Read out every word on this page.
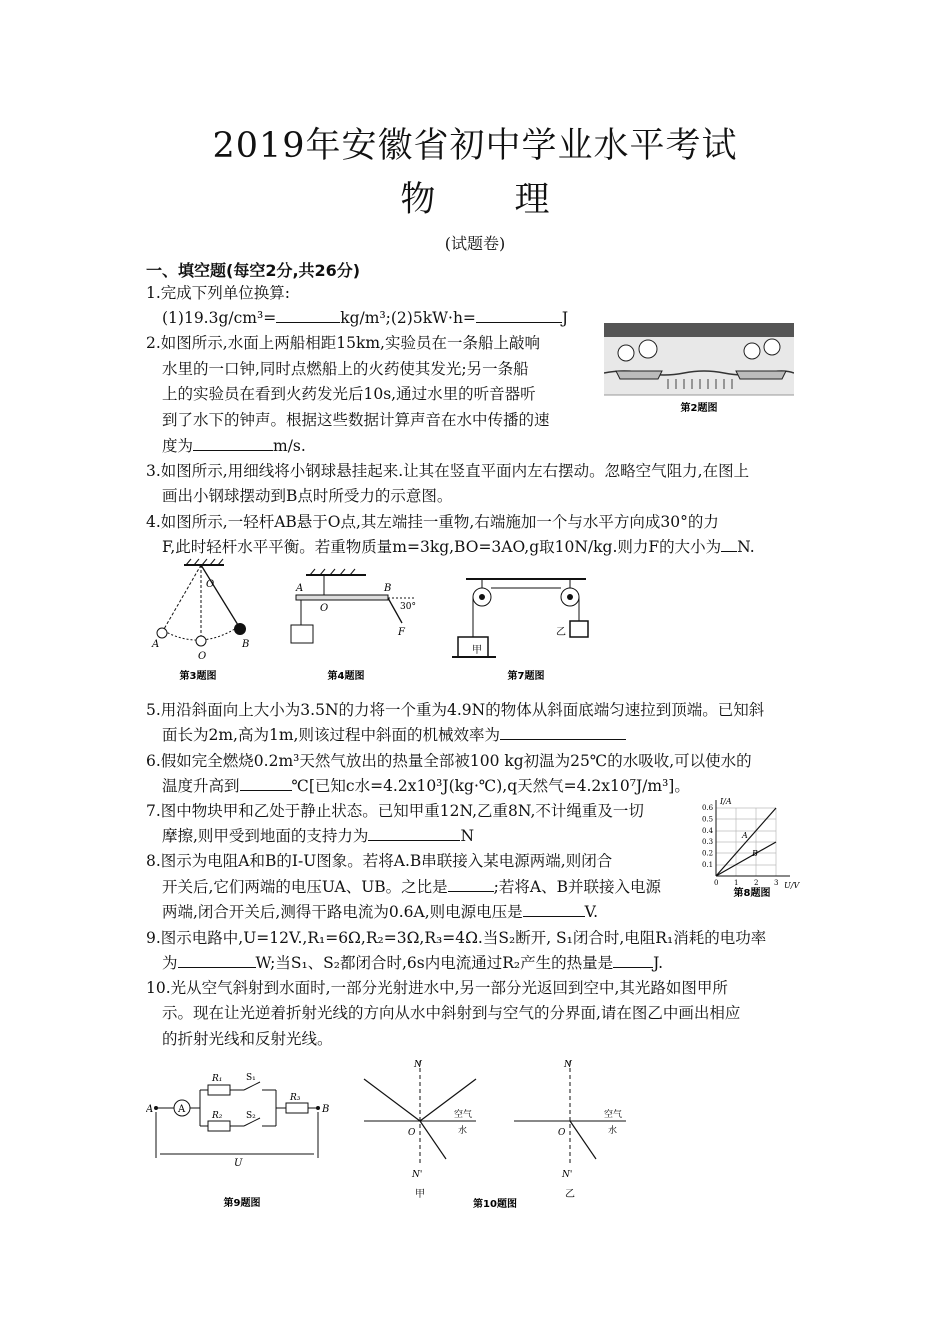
2019年安徽省初中学业水平考试
物 理
(试题卷)
一、填空题(每空2分,共26分)
1.完成下列单位换算:
(1)19.3g/cm³=	kg/m³;(2)5kW·h=	J
2.如图所示,水面上两船相距15km,实验员在一条船上敲响
水里的一口钟,同时点燃船上的火药使其发光;另一条船
上的实验员在看到火药发光后10s,通过水里的听音器听
到了水下的钟声。根据这些数据计算声音在水中传播的速
度为	m/s.
第2题图
3.如图所示,用细线将小钢球悬挂起来.让其在竖直平面内左右摆动。忽略空气阻力,在图上
画出小钢球摆动到B点时所受力的示意图。
4.如图所示,一轻杆AB悬于O点,其左端挂一重物,右端施加一个与水平方向成30°的力
F,此时轻杆水平平衡。若重物质量m=3kg,BO=3AO,g取10N/kg.则力F的大小为 N.
O
A
O
B
第3题图
A
O
B
30°
F
第4题图
甲
乙
第7题图
5.用沿斜面向上大小为3.5N的力将一个重为4.9N的物体从斜面底端匀速拉到顶端。已知斜
面长为2m,高为1m,则该过程中斜面的机械效率为
6.假如完全燃烧0.2m³天然气放出的热量全部被100 kg初温为25℃的水吸收,可以使水的
温度升高到	℃[已知c水=4.2x10³J(kg·℃),q天然气=4.2x10⁷J/m³]。
7.图中物块甲和乙处于静止状态。已知甲重12N,乙重8N,不计绳重及一切
摩擦,则甲受到地面的支持力为	N
8.图示为电阻A和B的I-U图象。若将A.B串联接入某电源两端,则闭合
开关后,它们两端的电压UA、UB。之比是	;若将A、B并联接入电源
两端,闭合开关后,测得干路电流为0.6A,则电源电压是	V.
I/A
U/V
A
B
0.6
0.5
0.4
0.3
0.2
0.1
0 1 2 3
第8题图
9.图示电路中,U=12V.,R₁=6Ω,R₂=3Ω,R₃=4Ω.当S₂断开, S₁闭合时,电阻R₁消耗的电功率
为	W;当S₁、S₂都闭合时,6s内电流通过R₂产生的热量是	J.
10.光从空气斜射到水面时,一部分光射进水中,另一部分光返回到空中,其光路如图甲所
示。现在让光逆着折射光线的方向从水中斜射到与空气的分界面,请在图乙中画出相应
的折射光线和反射光线。
A
A	B
R₁	S₁
R₂	S₂
R₃
U
第9题图
N
O
N'
空气
水
甲
N
O
N'
空气
水
乙
第10题图
